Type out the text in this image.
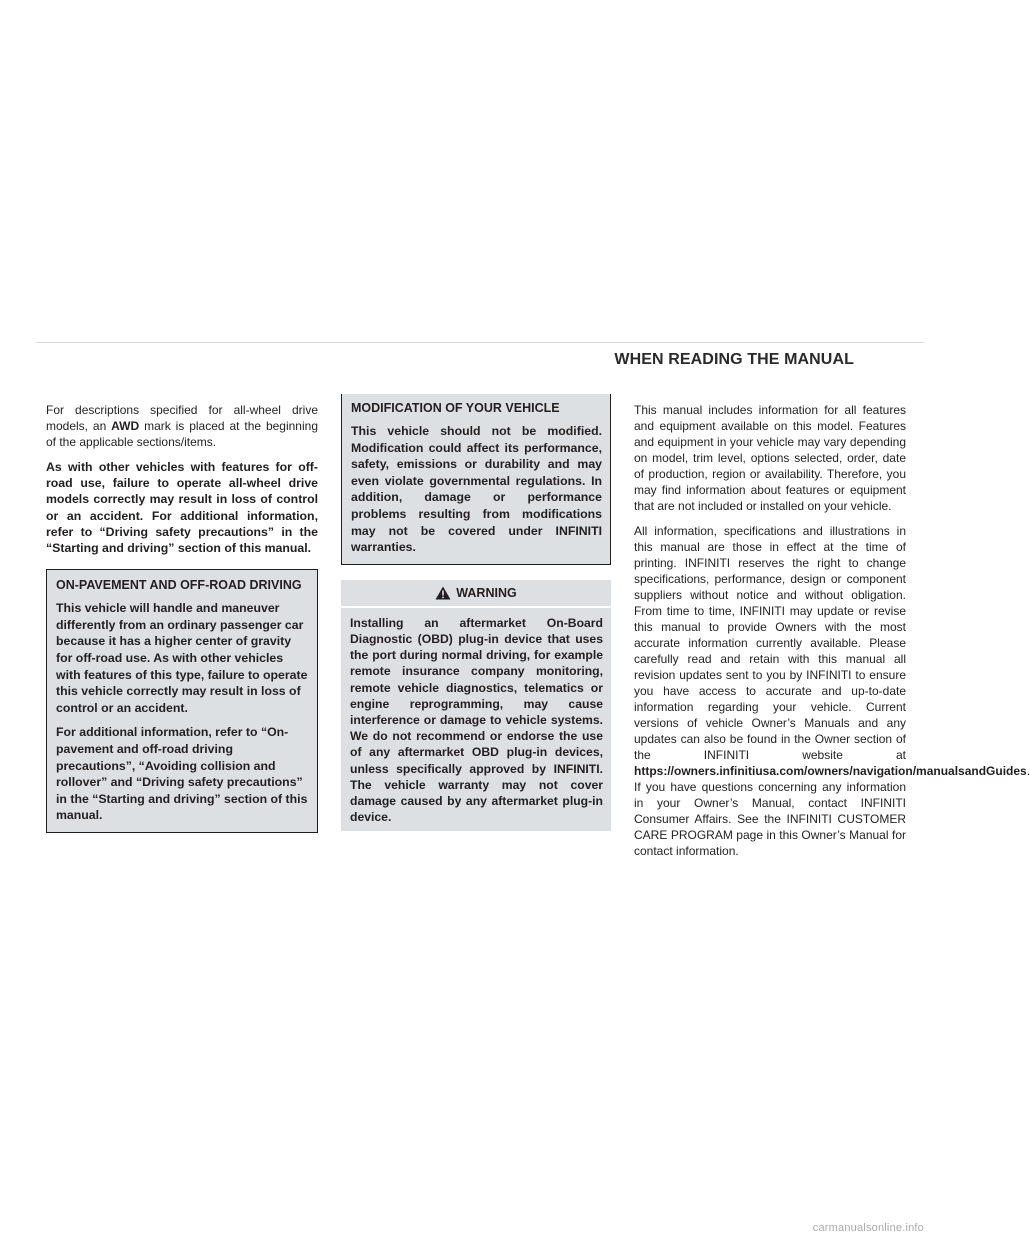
WHEN READING THE MANUAL

For descriptions specified for all-wheel drive models, an AWD mark is placed at the beginning of the applicable sections/items.

As with other vehicles with features for off-road use, failure to operate all-wheel drive models correctly may result in loss of control or an accident. For additional information, refer to “Driving safety precautions” in the “Starting and driving” section of this manual.

ON-PAVEMENT AND OFF-ROAD DRIVING

This vehicle will handle and maneuver differently from an ordinary passenger car because it has a higher center of gravity for off-road use. As with other vehicles with features of this type, failure to operate this vehicle correctly may result in loss of control or an accident.

For additional information, refer to “On-pavement and off-road driving precautions”, “Avoiding collision and rollover” and “Driving safety precautions” in the “Starting and driving” section of this manual.

MODIFICATION OF YOUR VEHICLE

This vehicle should not be modified. Modification could affect its performance, safety, emissions or durability and may even violate governmental regulations. In addition, damage or performance problems resulting from modifications may not be covered under INFINITI warranties.

WARNING

Installing an aftermarket On-Board Diagnostic (OBD) plug-in device that uses the port during normal driving, for example remote insurance company monitoring, remote vehicle diagnostics, telematics or engine reprogramming, may cause interference or damage to vehicle systems. We do not recommend or endorse the use of any aftermarket OBD plug-in devices, unless specifically approved by INFINITI. The vehicle warranty may not cover damage caused by any aftermarket plug-in device.

This manual includes information for all features and equipment available on this model. Features and equipment in your vehicle may vary depending on model, trim level, options selected, order, date of production, region or availability. Therefore, you may find information about features or equipment that are not included or installed on your vehicle.

All information, specifications and illustrations in this manual are those in effect at the time of printing. INFINITI reserves the right to change specifications, performance, design or component suppliers without notice and without obligation. From time to time, INFINITI may update or revise this manual to provide Owners with the most accurate information currently available. Please carefully read and retain with this manual all revision updates sent to you by INFINITI to ensure you have access to accurate and up-to-date information regarding your vehicle. Current versions of vehicle Owner’s Manuals and any updates can also be found in the Owner section of the INFINITI website at https://owners.infinitiusa.com/owners/navigation/manualsandGuides. If you have questions concerning any information in your Owner’s Manual, contact INFINITI Consumer Affairs. See the INFINITI CUSTOMER CARE PROGRAM page in this Owner’s Manual for contact information.

carmanualsonline.info
